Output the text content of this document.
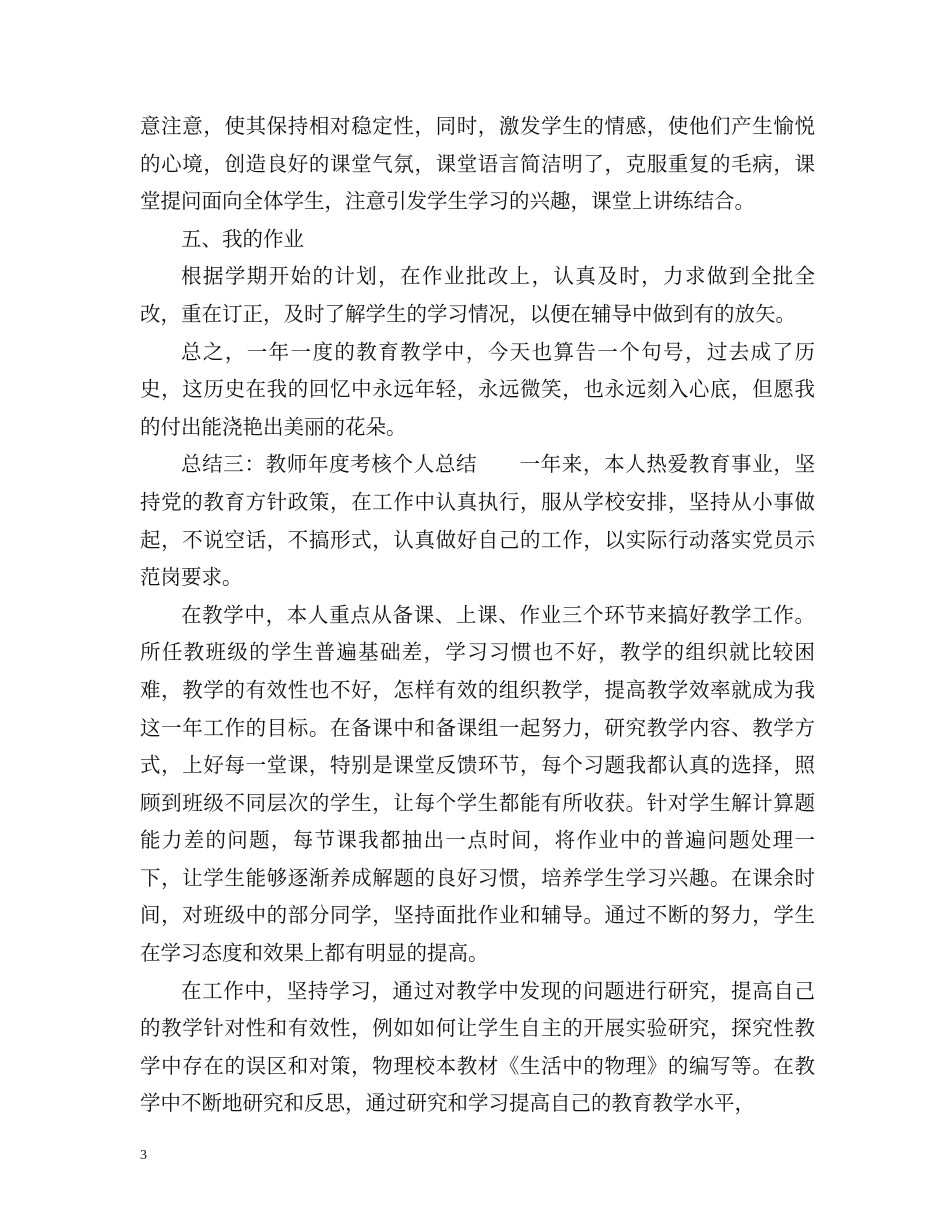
意注意，使其保持相对稳定性，同时，激发学生的情感，使他们产生愉悦的心境，创造良好的课堂气氛，课堂语言简洁明了，克服重复的毛病，课堂提问面向全体学生，注意引发学生学习的兴趣，课堂上讲练结合。

五、我的作业

根据学期开始的计划，在作业批改上，认真及时，力求做到全批全改，重在订正，及时了解学生的学习情况，以便在辅导中做到有的放矢。

总之，一年一度的教育教学中，今天也算告一个句号，过去成了历史，这历史在我的回忆中永远年轻，永远微笑，也永远刻入心底，但愿我的付出能浇艳出美丽的花朵。

总结三：教师年度考核个人总结　　一年来，本人热爱教育事业，坚持党的教育方针政策，在工作中认真执行，服从学校安排，坚持从小事做起，不说空话，不搞形式，认真做好自己的工作，以实际行动落实党员示范岗要求。

在教学中，本人重点从备课、上课、作业三个环节来搞好教学工作。所任教班级的学生普遍基础差，学习习惯也不好，教学的组织就比较困难，教学的有效性也不好，怎样有效的组织教学，提高教学效率就成为我这一年工作的目标。在备课中和备课组一起努力，研究教学内容、教学方式，上好每一堂课，特别是课堂反馈环节，每个习题我都认真的选择，照顾到班级不同层次的学生，让每个学生都能有所收获。针对学生解计算题能力差的问题，每节课我都抽出一点时间，将作业中的普遍问题处理一下，让学生能够逐渐养成解题的良好习惯，培养学生学习兴趣。在课余时间，对班级中的部分同学，坚持面批作业和辅导。通过不断的努力，学生在学习态度和效果上都有明显的提高。

在工作中，坚持学习，通过对教学中发现的问题进行研究，提高自己的教学针对性和有效性，例如如何让学生自主的开展实验研究，探究性教学中存在的误区和对策，物理校本教材《生活中的物理》的编写等。在教学中不断地研究和反思，通过研究和学习提高自己的教育教学水平，

3
